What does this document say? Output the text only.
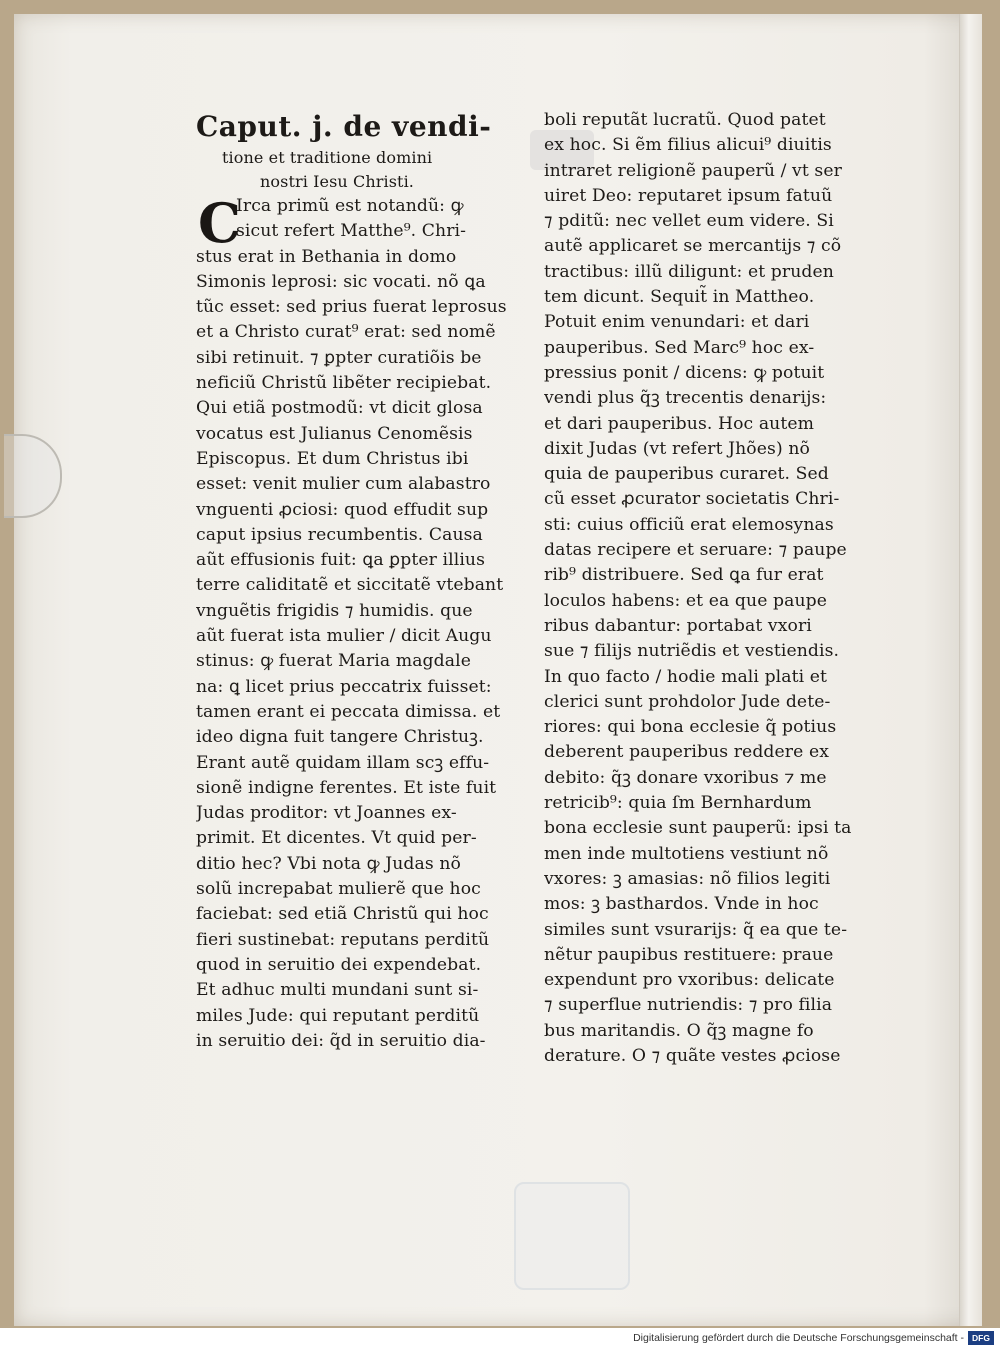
Caput. j. de vendi-
tione et traditione domini
nostri Iesu Christi.
C
Irca primũ est notandũ: ꝙ
sicut refert Matthe⁹. Chri-
stus erat in Bethania in domo
Simonis leprosi: sic vocati. nõ ꝗa
tũc esset: sed prius fuerat leprosus
et a Christo curat⁹ erat: sed nomẽ
sibi retinuit. ⁊ ꝑpter curatiõis be
neficiũ Christũ libẽter recipiebat.
Qui etiã postmodũ: vt dicit glosa
vocatus est Julianus Cenomẽsis
Episcopus. Et dum Christus ibi
esset: venit mulier cum alabastro
vnguenti ꝓciosi: quod effudit sup
caput ipsius recumbentis. Causa
aũt effusionis fuit: ꝗa ꝑpter illius
terre caliditatẽ et siccitatẽ vtebant
vnguẽtis frigidis ⁊ humidis. que
aũt fuerat ista mulier / dicit Augu
stinus: ꝙ fuerat Maria magdale
na: ꝗ licet prius peccatrix fuisset:
tamen erant ei peccata dimissa. et
ideo digna fuit tangere Christuꝫ.
Erant autẽ quidam illam scꝫ effu-
sionẽ indigne ferentes. Et iste fuit
Judas proditor: vt Joannes ex-
primit. Et dicentes. Vt quid per-
ditio hec? Vbi nota ꝙ Judas nõ
solũ increpabat mulierẽ que hoc
faciebat: sed etiã Christũ qui hoc
fieri sustinebat: reputans perditũ
quod in seruitio dei expendebat.
Et adhuc multi mundani sunt si-
miles Jude: qui reputant perditũ
in seruitio dei: q̃d in seruitio dia-
boli reputãt lucratũ. Quod patet
ex hoc. Si ẽm filius alicui⁹ diuitis
intraret religionẽ pauperũ / vt ser
uiret Deo: reputaret ipsum fatuũ
⁊ pditũ: nec vellet eum videre. Si
autẽ applicaret se mercantijs ⁊ cõ
tractibus: illũ diligunt: et pruden
tem dicunt. Sequit̃ in Mattheo.
Potuit enim venundari: et dari
pauperibus. Sed Marc⁹ hoc ex-
pressius ponit / dicens: ꝙ potuit
vendi plus q̃ꝫ trecentis denarijs:
et dari pauperibus. Hoc autem
dixit Judas (vt refert Jhões) nõ
quia de pauperibus curaret. Sed
cũ esset ꝓcurator societatis Chri-
sti: cuius officiũ erat elemosynas
datas recipere et seruare: ⁊ paupe
rib⁹ distribuere. Sed ꝗa fur erat
loculos habens: et ea que paupe
ribus dabantur: portabat vxori
sue ⁊ filijs nutriẽdis et vestiendis.
In quo facto / hodie mali plati et
clerici sunt prohdolor Jude dete-
riores: qui bona ecclesie q̃ potius
deberent pauperibus reddere ex
debito: q̃ꝫ donare vxoribus ⁊ me
retricib⁹: quia ſm Bernhardum
bona ecclesie sunt pauperũ: ipsi ta
men inde multotiens vestiunt nõ
vxores: ꝫ amasias: nõ filios legiti
mos: ꝫ basthardos. Vnde in hoc
similes sunt vsurarijs: q̃ ea que te-
nẽtur paupibus restituere: praue
expendunt pro vxoribus: delicate
⁊ superflue nutriendis: ⁊ pro filia
bus maritandis. O q̃ꝫ magne fo
derature. O ⁊ quãte vestes ꝓciose
Digitalisierung gefördert durch die Deutsche Forschungsgemeinschaft - DFG
